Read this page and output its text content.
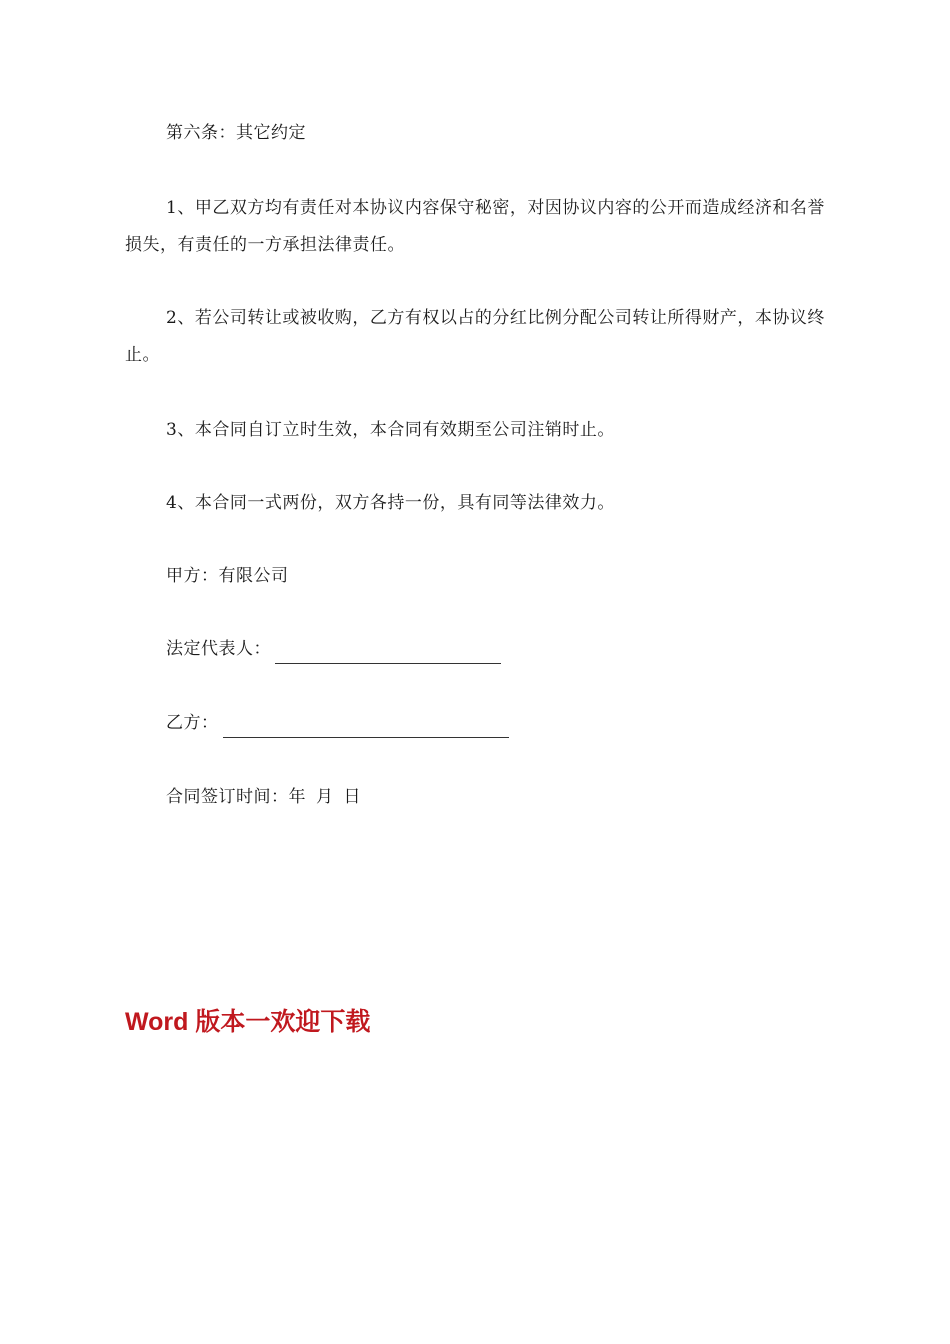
第六条：其它约定

1、甲乙双方均有责任对本协议内容保守秘密，对因协议内容的公开而造成经济和名誉损失，有责任的一方承担法律责任。

2、若公司转让或被收购，乙方有权以占的分红比例分配公司转让所得财产，本协议终止。

3、本合同自订立时生效，本合同有效期至公司注销时止。

4、本合同一式两份，双方各持一份，具有同等法律效力。

甲方：有限公司

法定代表人：

乙方：

合同签订时间：年 月 日

Word 版本一欢迎下载
